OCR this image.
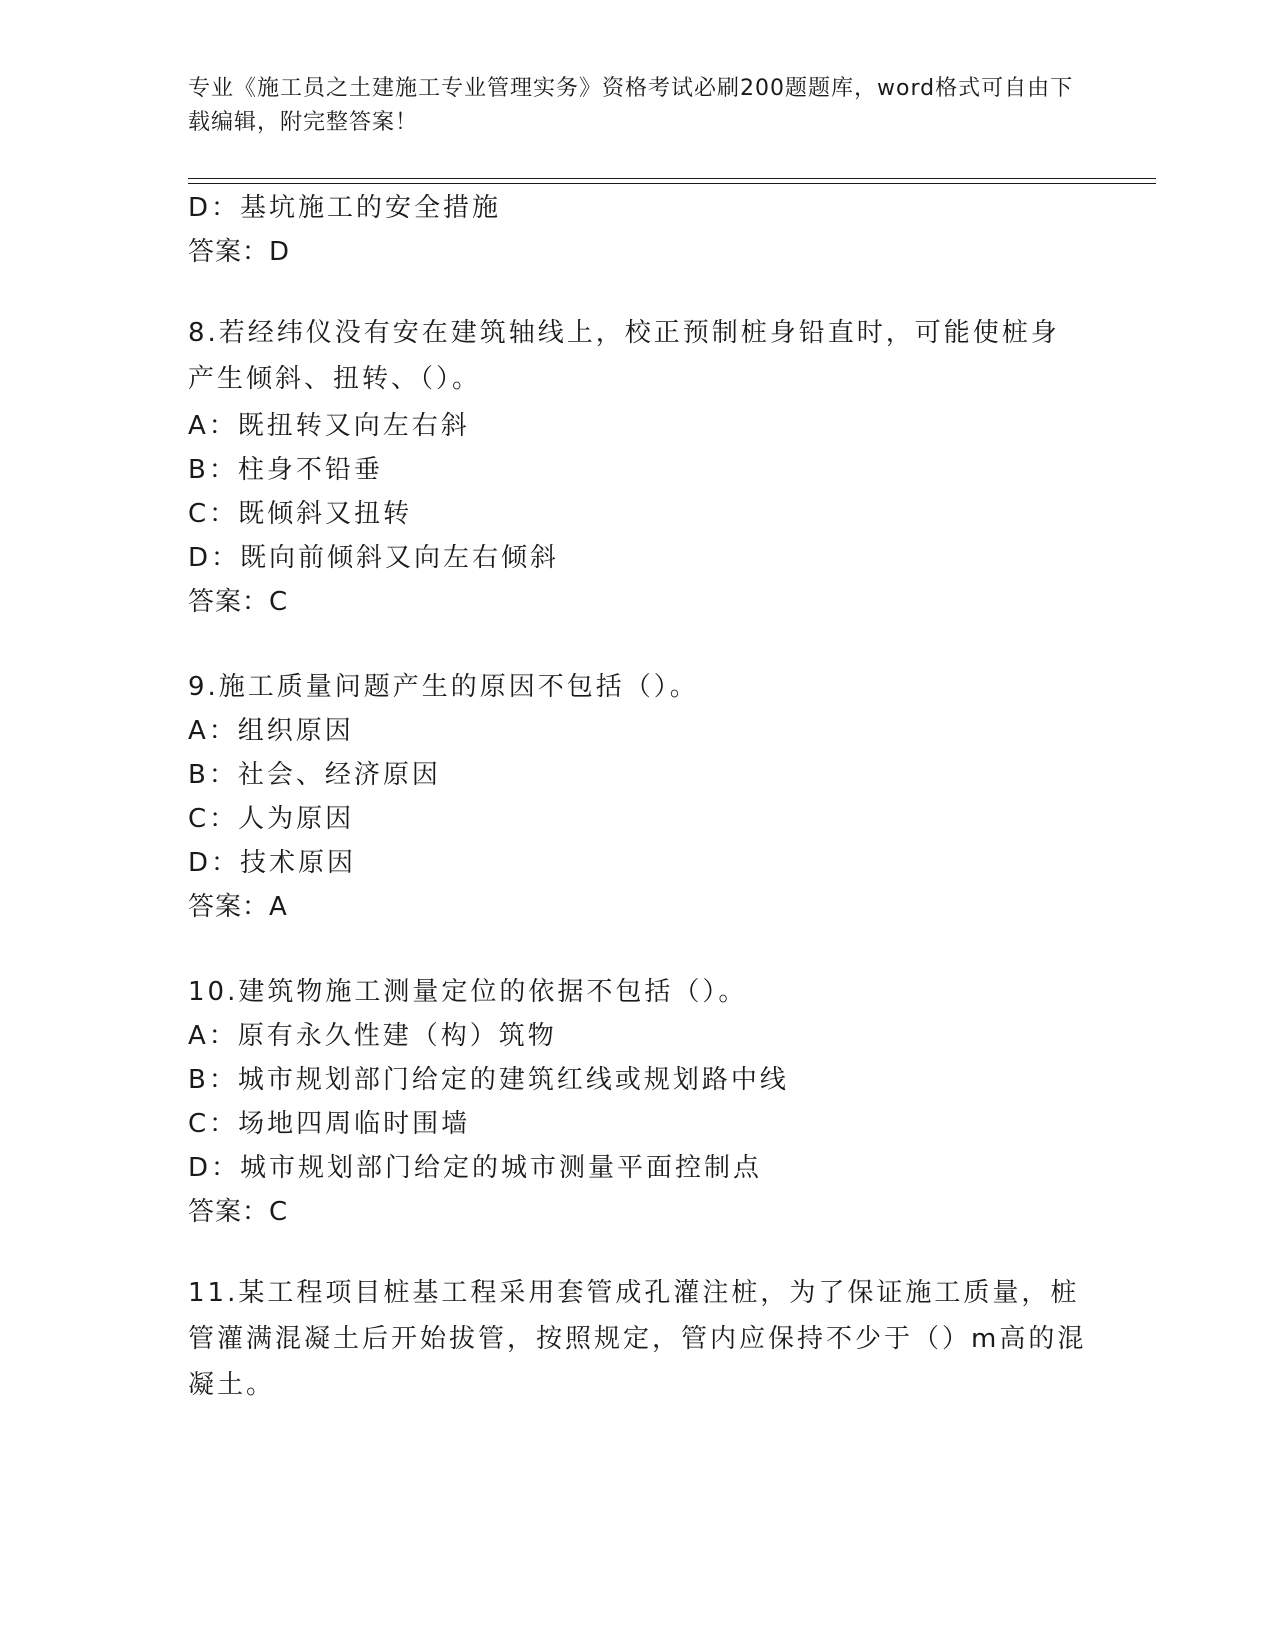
专业《施工员之土建施工专业管理实务》资格考试必刷200题题库，word格式可自由下载编辑，附完整答案！
D：基坑施工的安全措施
答案：D
8.若经纬仪没有安在建筑轴线上，校正预制桩身铅直时，可能使桩身产生倾斜、扭转、（）。
A：既扭转又向左右斜
B：柱身不铅垂
C：既倾斜又扭转
D：既向前倾斜又向左右倾斜
答案：C
9.施工质量问题产生的原因不包括（）。
A：组织原因
B：社会、经济原因
C：人为原因
D：技术原因
答案：A
10.建筑物施工测量定位的依据不包括（）。
A：原有永久性建（构）筑物
B：城市规划部门给定的建筑红线或规划路中线
C：场地四周临时围墙
D：城市规划部门给定的城市测量平面控制点
答案：C
11.某工程项目桩基工程采用套管成孔灌注桩，为了保证施工质量，桩管灌满混凝土后开始拔管，按照规定，管内应保持不少于（）m高的混凝土。
